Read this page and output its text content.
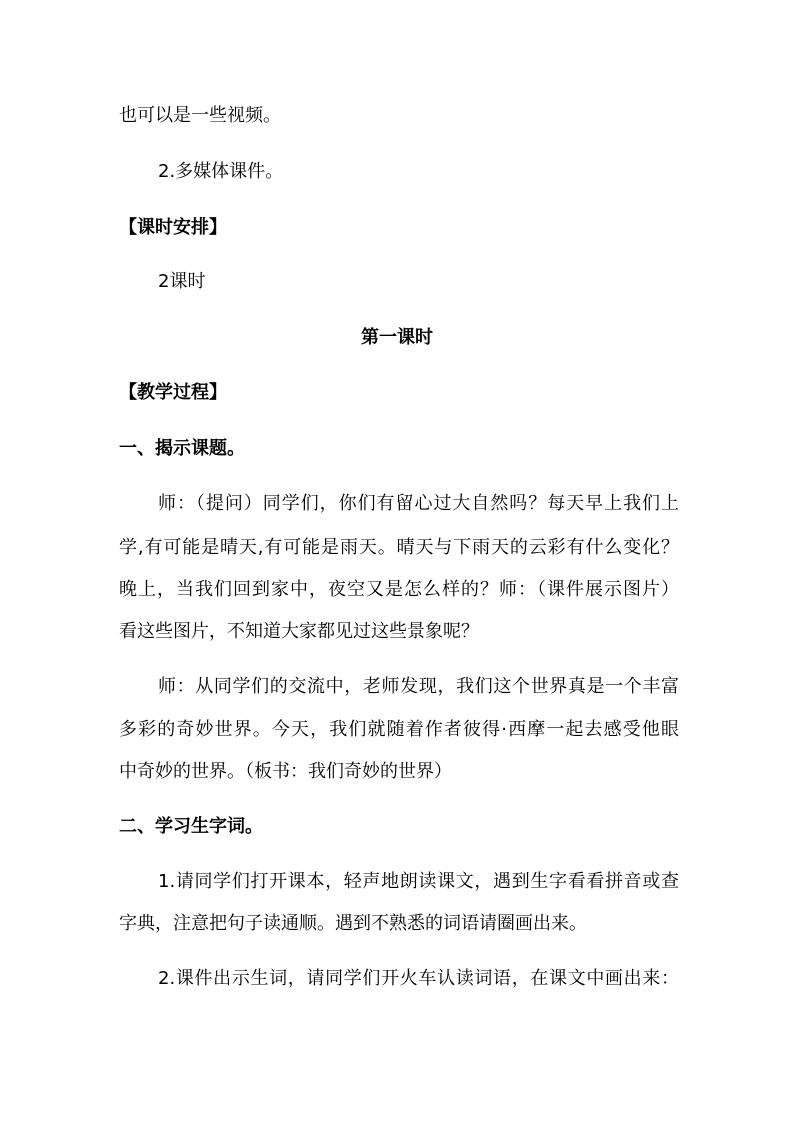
也可以是一些视频。
2.多媒体课件。
【课时安排】
2课时
第一课时
【教学过程】
一、揭示课题。
师：（提问）同学们，你们有留心过大自然吗？每天早上我们上
学,有可能是晴天,有可能是雨天。晴天与下雨天的云彩有什么变化？
晚上，当我们回到家中，夜空又是怎么样的？师：（课件展示图片）
看这些图片，不知道大家都见过这些景象呢？
师：从同学们的交流中，老师发现，我们这个世界真是一个丰富
多彩的奇妙世界。今天，我们就随着作者彼得·西摩一起去感受他眼
中奇妙的世界。（板书：我们奇妙的世界）
二、学习生字词。
1.请同学们打开课本，轻声地朗读课文，遇到生字看看拼音或查
字典，注意把句子读通顺。遇到不熟悉的词语请圈画出来。
2.课件出示生词，请同学们开火车认读词语，在课文中画出来：
